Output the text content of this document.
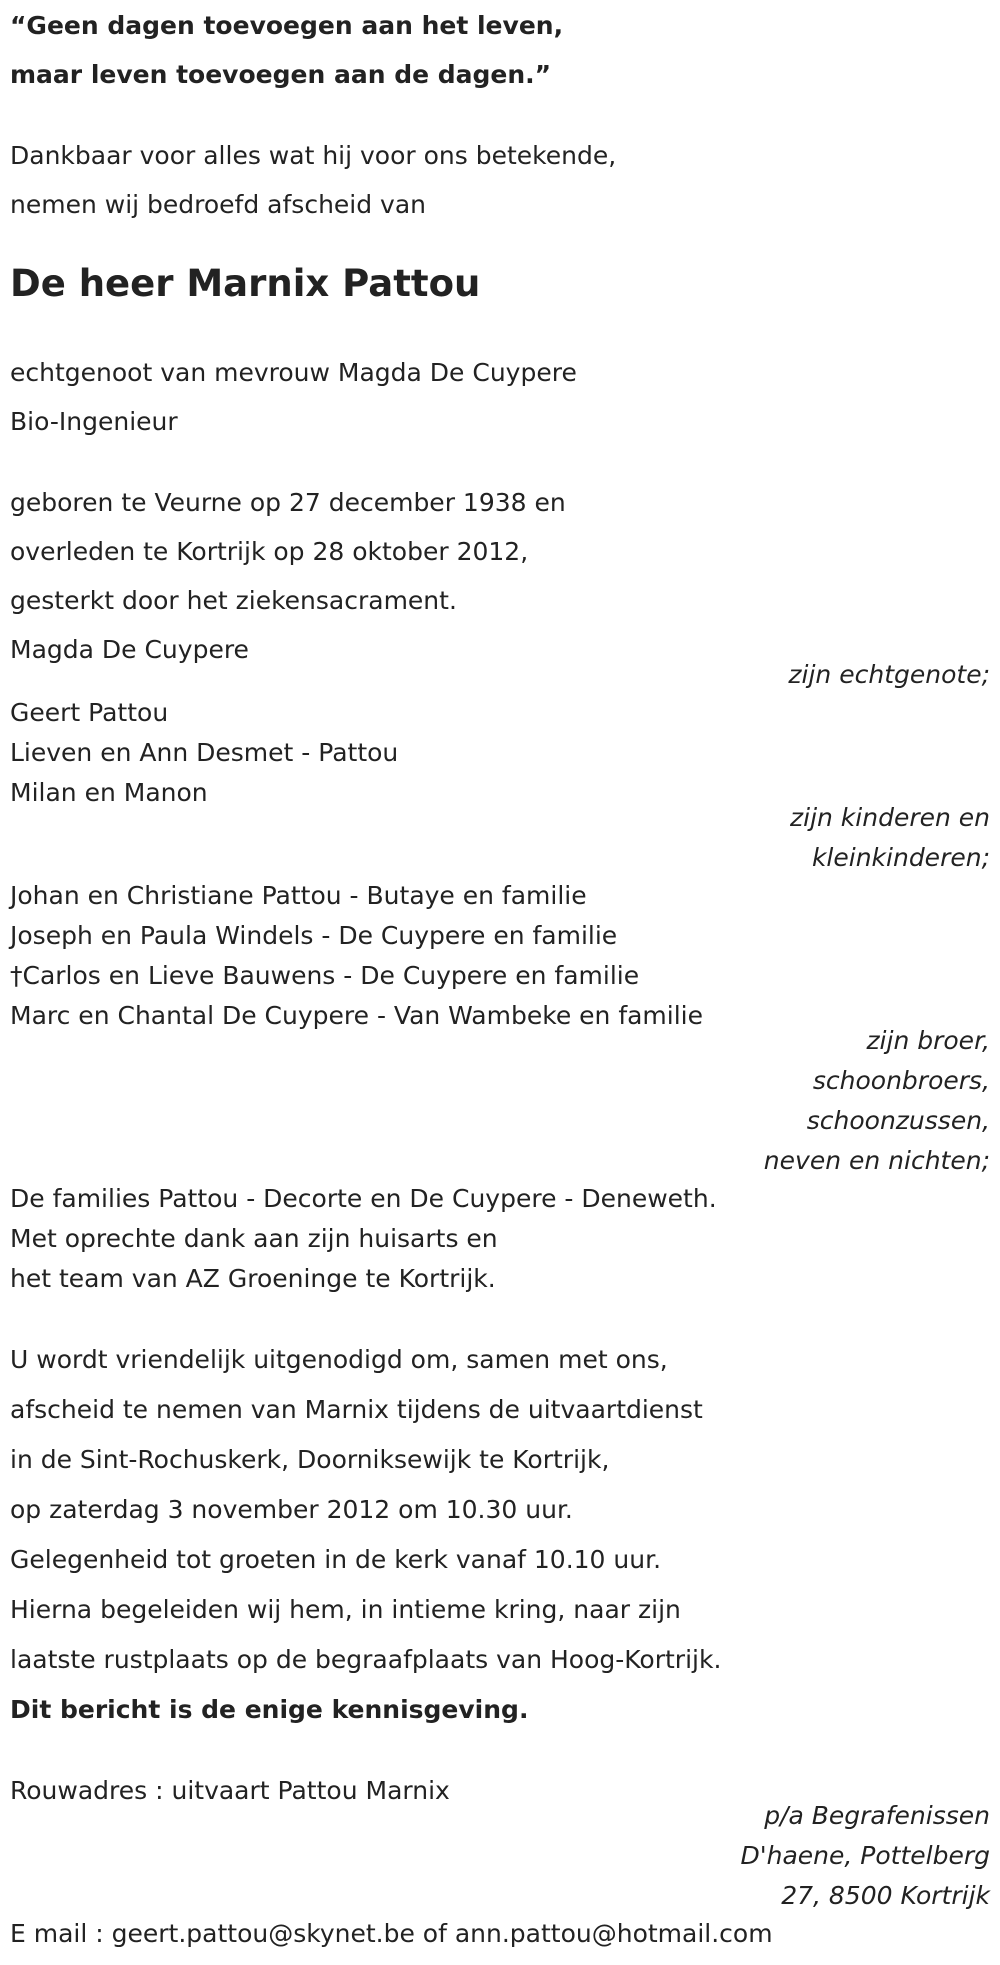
“Geen dagen toevoegen aan het leven,
maar leven toevoegen aan de dagen.”
Dankbaar voor alles wat hij voor ons betekende,
nemen wij bedroefd afscheid van
De heer Marnix Pattou
echtgenoot van mevrouw Magda De Cuypere
Bio-Ingenieur
geboren te Veurne op 27 december 1938 en
overleden te Kortrijk op 28 oktober 2012,
gesterkt door het ziekensacrament.
Magda De Cuypere
zijn echtgenote;
Geert Pattou
Lieven en Ann Desmet - Pattou
Milan en Manon
zijn kinderen en
kleinkinderen;
Johan en Christiane Pattou - Butaye en familie
Joseph en Paula Windels - De Cuypere en familie
†Carlos en Lieve Bauwens - De Cuypere en familie
Marc en Chantal De Cuypere - Van Wambeke en familie
zijn broer,
schoonbroers,
schoonzussen,
neven en nichten;
De families Pattou - Decorte en De Cuypere - Deneweth.
Met oprechte dank aan zijn huisarts en
het team van AZ Groeninge te Kortrijk.
U wordt vriendelijk uitgenodigd om, samen met ons,
afscheid te nemen van Marnix tijdens de uitvaartdienst
in de Sint-Rochuskerk, Doorniksewijk te Kortrijk,
op zaterdag 3 november 2012 om 10.30 uur.
Gelegenheid tot groeten in de kerk vanaf 10.10 uur.
Hierna begeleiden wij hem, in intieme kring, naar zijn
laatste rustplaats op de begraafplaats van Hoog-Kortrijk.
Dit bericht is de enige kennisgeving.
Rouwadres : uitvaart Pattou Marnix
p/a Begrafenissen
D'haene, Pottelberg
27, 8500 Kortrijk
E mail : geert.pattou@skynet.be of ann.pattou@hotmail.com
